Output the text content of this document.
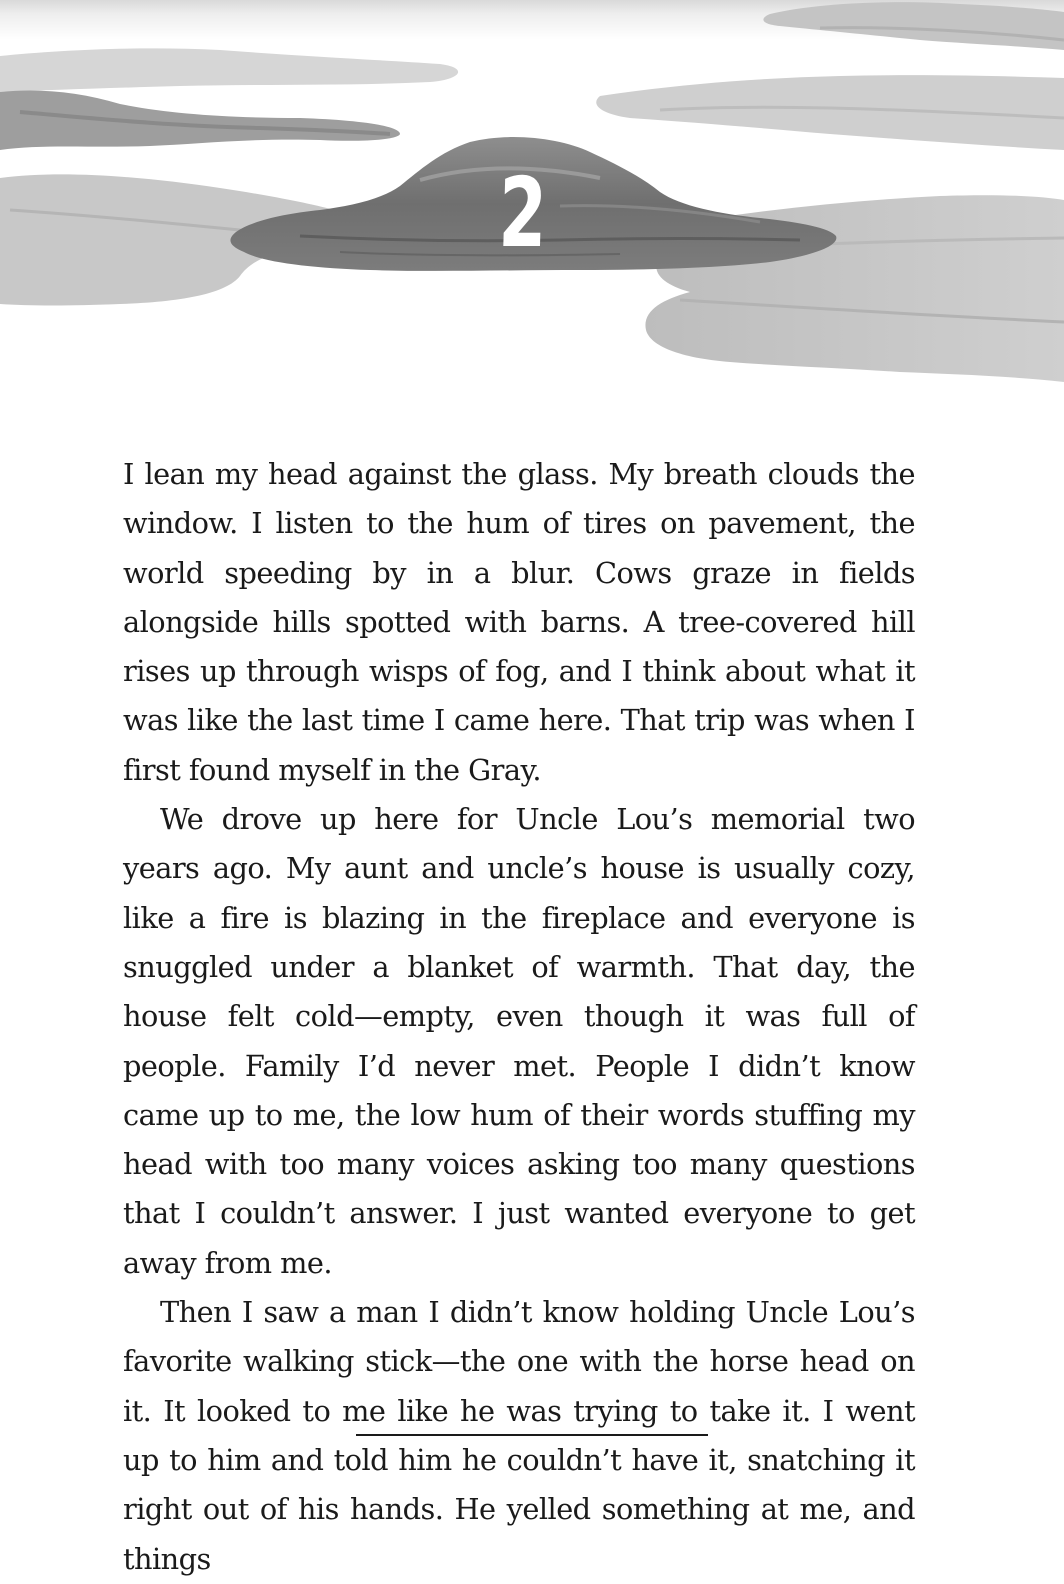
2

I lean my head against the glass. My breath clouds the window. I listen to the hum of tires on pavement, the world speeding by in a blur. Cows graze in fields alongside hills spotted with barns. A tree-covered hill rises up through wisps of fog, and I think about what it was like the last time I came here. That trip was when I first found myself in the Gray.

We drove up here for Uncle Lou’s memorial two years ago. My aunt and uncle’s house is usually cozy, like a fire is blazing in the fireplace and everyone is snuggled under a blanket of warmth. That day, the house felt cold—empty, even though it was full of people. Family I’d never met. People I didn’t know came up to me, the low hum of their words stuffing my head with too many voices asking too many questions that I couldn’t answer. I just wanted everyone to get away from me.

Then I saw a man I didn’t know holding Uncle Lou’s favorite walking stick—the one with the horse head on it. It looked to me like he was trying to take it. I went up to him and told him he couldn’t have it, snatching it right out of his hands. He yelled something at me, and things
